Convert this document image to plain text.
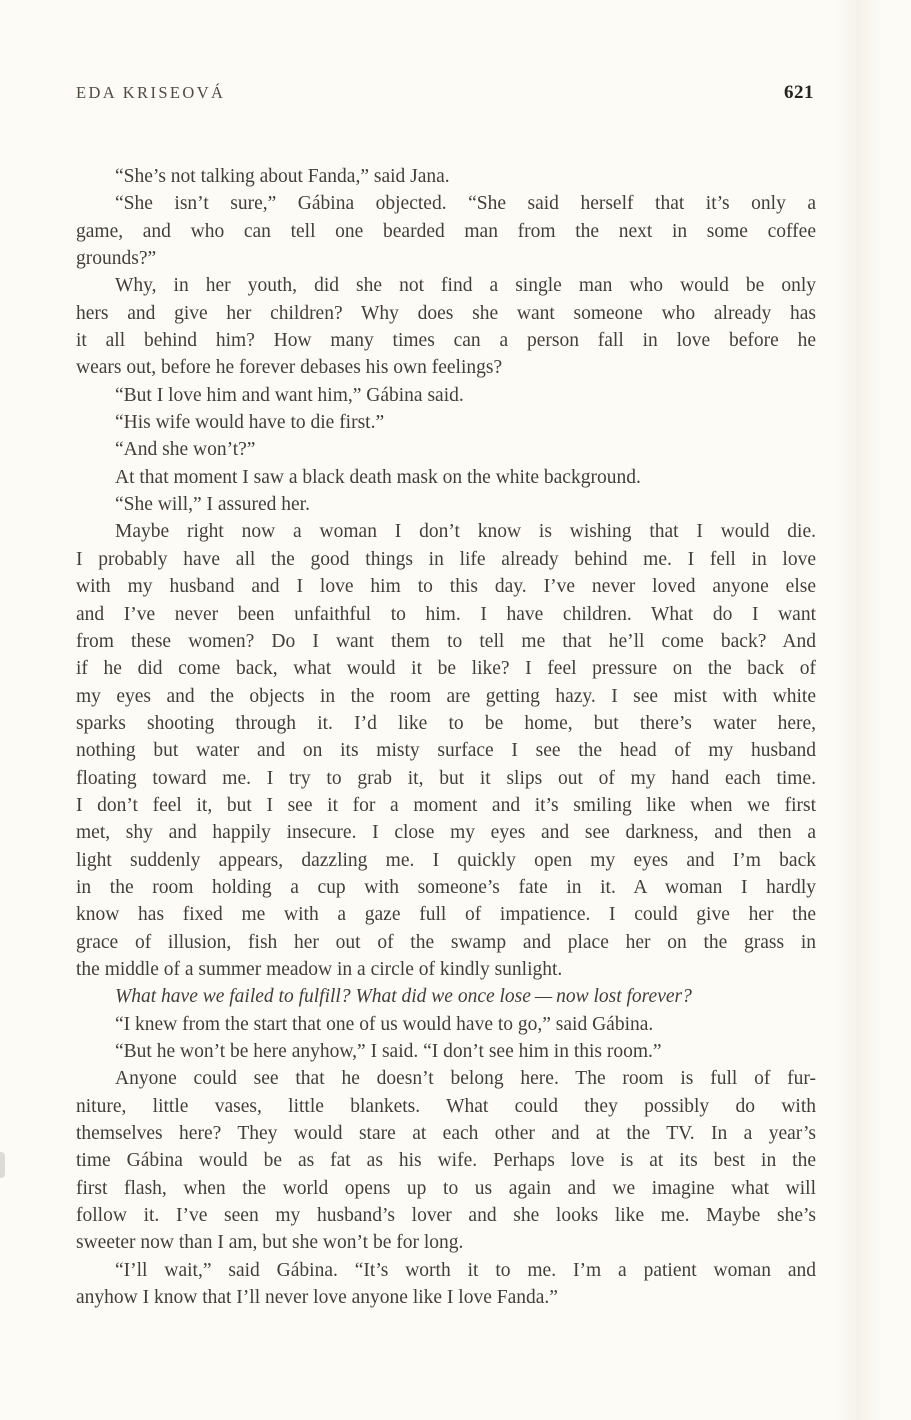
EDA KRISEOVÁ	621
“She’s not talking about Fanda,” said Jana.
“She isn’t sure,” Gábina objected. “She said herself that it’s only a
game, and who can tell one bearded man from the next in some coffee
grounds?”
Why, in her youth, did she not find a single man who would be only
hers and give her children? Why does she want someone who already has
it all behind him? How many times can a person fall in love before he
wears out, before he forever debases his own feelings?
“But I love him and want him,” Gábina said.
“His wife would have to die first.”
“And she won’t?”
At that moment I saw a black death mask on the white background.
“She will,” I assured her.
Maybe right now a woman I don’t know is wishing that I would die.
I probably have all the good things in life already behind me. I fell in love
with my husband and I love him to this day. I’ve never loved anyone else
and I’ve never been unfaithful to him. I have children. What do I want
from these women? Do I want them to tell me that he’ll come back? And
if he did come back, what would it be like? I feel pressure on the back of
my eyes and the objects in the room are getting hazy. I see mist with white
sparks shooting through it. I’d like to be home, but there’s water here,
nothing but water and on its misty surface I see the head of my husband
floating toward me. I try to grab it, but it slips out of my hand each time.
I don’t feel it, but I see it for a moment and it’s smiling like when we first
met, shy and happily insecure. I close my eyes and see darkness, and then a
light suddenly appears, dazzling me. I quickly open my eyes and I’m back
in the room holding a cup with someone’s fate in it. A woman I hardly
know has fixed me with a gaze full of impatience. I could give her the
grace of illusion, fish her out of the swamp and place her on the grass in
the middle of a summer meadow in a circle of kindly sunlight.
What have we failed to fulfill? What did we once lose — now lost forever?
“I knew from the start that one of us would have to go,” said Gábina.
“But he won’t be here anyhow,” I said. “I don’t see him in this room.”
Anyone could see that he doesn’t belong here. The room is full of fur-
niture, little vases, little blankets. What could they possibly do with
themselves here? They would stare at each other and at the TV. In a year’s
time Gábina would be as fat as his wife. Perhaps love is at its best in the
first flash, when the world opens up to us again and we imagine what will
follow it. I’ve seen my husband’s lover and she looks like me. Maybe she’s
sweeter now than I am, but she won’t be for long.
“I’ll wait,” said Gábina. “It’s worth it to me. I’m a patient woman and
anyhow I know that I’ll never love anyone like I love Fanda.”
